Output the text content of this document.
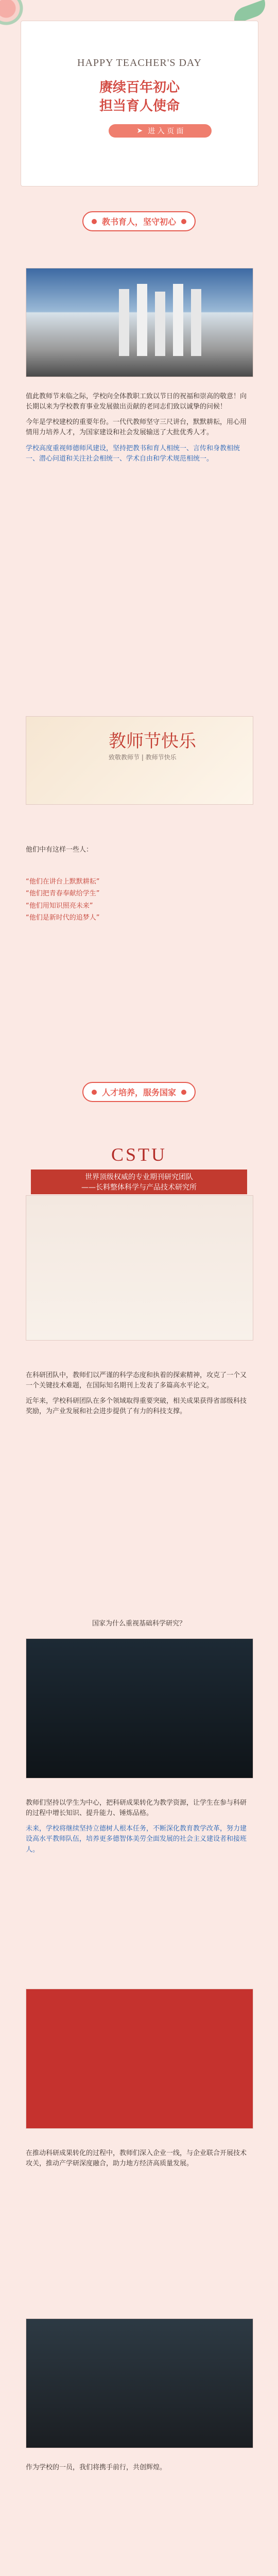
HAPPY TEACHER'S DAY
赓续百年初心
担当育人使命
➤ 进 入 页 面
教书育人，坚守初心

值此教师节来临之际，学校向全体教职工致以节日的祝福和崇高的敬意！向长期以来为学校教育事业发展做出贡献的老同志们致以诚挚的问候！

今年是学校建校的重要年份。一代代教师坚守三尺讲台，默默耕耘，用心用情用力培养人才，为国家建设和社会发展输送了大批优秀人才。

学校高度重视师德师风建设，坚持把教书和育人相统一、言传和身教相统一、潜心问道和关注社会相统一、学术自由和学术规范相统一。

教师节快乐
致敬教师节 | 教师节快乐
他们中有这样一些人：
“他们在讲台上默默耕耘”
“他们把青春奉献给学生”
“他们用知识照亮未来”
“他们是新时代的追梦人”
人才培养，服务国家
CSTU
世界顶级权威的专业期刊研究团队
——长料整体科学与产品技术研究所

在科研团队中，教师们以严谨的科学态度和执着的探索精神，攻克了一个又一个关键技术难题，在国际知名期刊上发表了多篇高水平论文。

近年来，学校科研团队在多个领域取得重要突破，相关成果获得省部级科技奖励，为产业发展和社会进步提供了有力的科技支撑。

国家为什么重视基础科学研究？

教师们坚持以学生为中心，把科研成果转化为教学资源，让学生在参与科研的过程中增长知识、提升能力、锤炼品格。

未来，学校将继续坚持立德树人根本任务，不断深化教育教学改革，努力建设高水平教师队伍，培养更多德智体美劳全面发展的社会主义建设者和接班人。

在推动科研成果转化的过程中，教师们深入企业一线，与企业联合开展技术攻关，推动产学研深度融合，助力地方经济高质量发展。

作为学校的一员，我们将携手前行，共创辉煌。
